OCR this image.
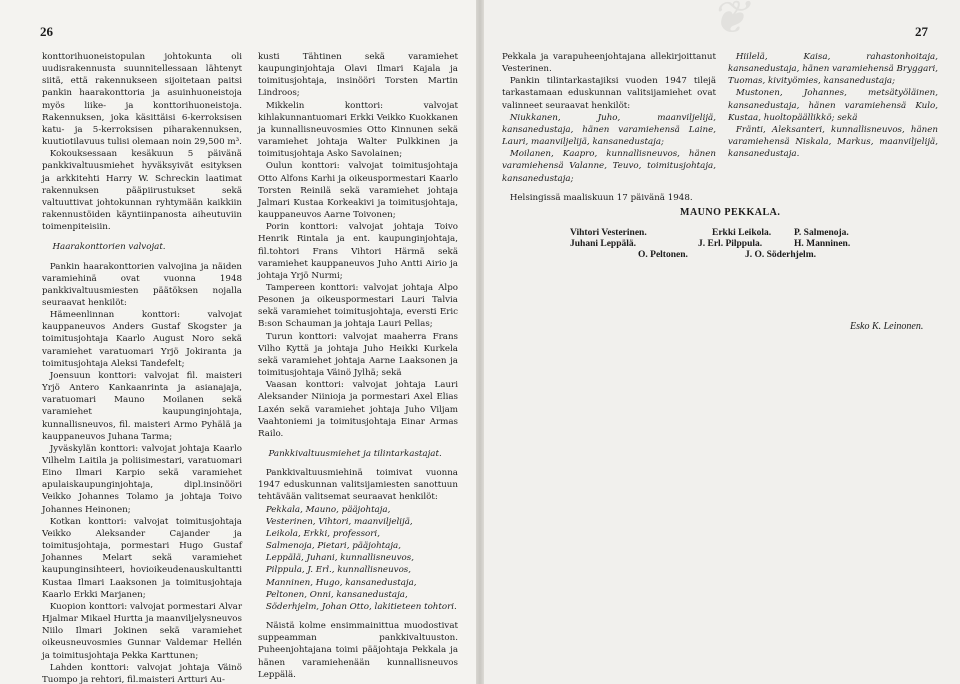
26

konttorihuoneistopulan johtokunta oli uudisrakennusta suunnitellessaan lähtenyt siitä, että rakennukseen sijoitetaan paitsi pankin haarakonttoria ja asuinhuoneistoja myös liike- ja konttorihuoneistoja. Rakennuksen, joka käsittäisi 6-kerroksisen katu- ja 5-kerroksisen piharakennuksen, kuutiotilavuus tulisi olemaan noin 29,500 m³.

Kokouksessaan kesäkuun 5 päivänä pankkivaltuusmiehet hyväksyivät esityksen ja arkkitehti Harry W. Schreckin laatimat rakennuksen pääpiirustukset sekä valtuuttivat johtokunnan ryhtymään kaikkiin rakennustöiden käyntiinpanosta aiheutuviin toimenpiteisiin.

Haarakonttorien valvojat.

Pankin haarakonttorien valvojina ja näiden varamiehinä ovat vuonna 1948 pankkivaltuusmiesten päätöksen nojalla seuraavat henkilöt:

Hämeenlinnan konttori: valvojat kauppaneuvos Anders Gustaf Skogster ja toimitusjohtaja Kaarlo August Noro sekä varamiehet varatuomari Yrjö Jokiranta ja toimitusjohtaja Aleksi Tandefelt;

Joensuun konttori: valvojat fil. maisteri Yrjö Antero Kankaanrinta ja asianajaja, varatuomari Mauno Moilanen sekä varamiehet kaupunginjohtaja, kunnallisneuvos, fil. maisteri Armo Pyhälä ja kauppaneuvos Juhana Tarma;

Jyväskylän konttori: valvojat johtaja Kaarlo Vilhelm Laitila ja poliisimestari, varatuomari Eino Ilmari Karpio sekä varamiehet apulaiskaupunginjohtaja, dipl.insinööri Veikko Johannes Tolamo ja johtaja Toivo Johannes Heinonen;

Kotkan konttori: valvojat toimitusjohtaja Veikko Aleksander Cajander ja toimitusjohtaja, pormestari Hugo Gustaf Johannes Melart sekä varamiehet kaupunginsihteeri, hovioikeudenauskultantti Kustaa Ilmari Laaksonen ja toimitusjohtaja Kaarlo Erkki Marjanen;

Kuopion konttori: valvojat pormestari Alvar Hjalmar Mikael Hurtta ja maanviljelysneuvos Niilo Ilmari Jokinen sekä varamiehet oikeusneuvosmies Gunnar Valdemar Hellén ja toimitusjohtaja Pekka Karttunen;

Lahden konttori: valvojat johtaja Väinö Tuompo ja rehtori, fil.maisteri Artturi Au-

kusti Tähtinen sekä varamiehet kaupunginjohtaja Olavi Ilmari Kajala ja toimitusjohtaja, insinööri Torsten Martin Lindroos;

Mikkelin konttori: valvojat kihlakunnantuomari Erkki Veikko Kuokkanen ja kunnallisneuvosmies Otto Kinnunen sekä varamiehet johtaja Walter Pulkkinen ja toimitusjohtaja Asko Savolainen;

Oulun konttori: valvojat toimitusjohtaja Otto Alfons Karhi ja oikeuspormestari Kaarlo Torsten Reinilä sekä varamiehet johtaja Jalmari Kustaa Korkeakivi ja toimitusjohtaja, kauppaneuvos Aarne Toivonen;

Porin konttori: valvojat johtaja Toivo Henrik Rintala ja ent. kaupunginjohtaja, fil.tohtori Frans Vihtori Härmä sekä varamiehet kauppaneuvos Juho Antti Airio ja johtaja Yrjö Nurmi;

Tampereen konttori: valvojat johtaja Alpo Pesonen ja oikeuspormestari Lauri Talvia sekä varamiehet toimitusjohtaja, eversti Eric B:son Schauman ja johtaja Lauri Pellas;

Turun konttori: valvojat maaherra Frans Vilho Kyttä ja johtaja Juho Heikki Kurkela sekä varamiehet johtaja Aarne Laaksonen ja toimitusjohtaja Väinö Jylhä; sekä

Vaasan konttori: valvojat johtaja Lauri Aleksander Niinioja ja pormestari Axel Elias Laxén sekä varamiehet johtaja Juho Viljam Vaahtoniemi ja toimitusjohtaja Einar Armas Railo.

Pankkivaltuusmiehet ja tilintarkastajat.

Pankkivaltuusmiehinä toimivat vuonna 1947 eduskunnan valitsijamiesten sanottuun tehtävään valitsemat seuraavat henkilöt:

Pekkala, Mauno, pääjohtaja,

Vesterinen, Vihtori, maanviljelijä,

Leikola, Erkki, professori,

Salmenoja, Pietari, pääjohtaja,

Leppälä, Juhani, kunnallisneuvos,

Pilppula, J. Erl., kunnallisneuvos,

Manninen, Hugo, kansanedustaja,

Peltonen, Onni, kansanedustaja,

Söderhjelm, Johan Otto, lakitieteen tohtori.

Näistä kolme ensimmainittua muodostivat suppeamman pankkivaltuuston. Puheenjohtajana toimi pääjohtaja Pekkala ja hänen varamiehenään kunnallisneuvos Leppälä.

❦	27

Pekkala ja varapuheenjohtajana allekirjoittanut Vesterinen.

Pankin tilintarkastajiksi vuoden 1947 tilejä tarkastamaan eduskunnan valitsijamiehet ovat valinneet seuraavat henkilöt:

Niukkanen, Juho, maanviljelijä, kansanedustaja, hänen varamiehensä Laine, Lauri, maanviljelijä, kansanedustaja;

Moilanen, Kaapro, kunnallisneuvos, hänen varamiehensä Valanne, Teuvo, toimitusjohtaja, kansanedustaja;

Helsingissä maaliskuun 17 päivänä 1948.

Hiilelä, Kaisa, rahastonhoitaja, kansanedustaja, hänen varamiehensä Bryggari, Tuomas, kivityömies, kansanedustaja;

Mustonen, Johannes, metsätyöläinen, kansanedustaja, hänen varamiehensä Kulo, Kustaa, huoltopäällikkö; sekä

Fränti, Aleksanteri, kunnallisneuvos, hänen varamiehensä Niskala, Markus, maanviljelijä, kansanedustaja.

MAUNO PEKKALA.
Vihtori Vesterinen.	Erkki Leikola. P. Salmenoja.
Juhani Leppälä.	J. Erl. Pilppula.	H. Manninen.
O. Peltonen.	J. O. Söderhjelm.
Esko K. Leinonen.
